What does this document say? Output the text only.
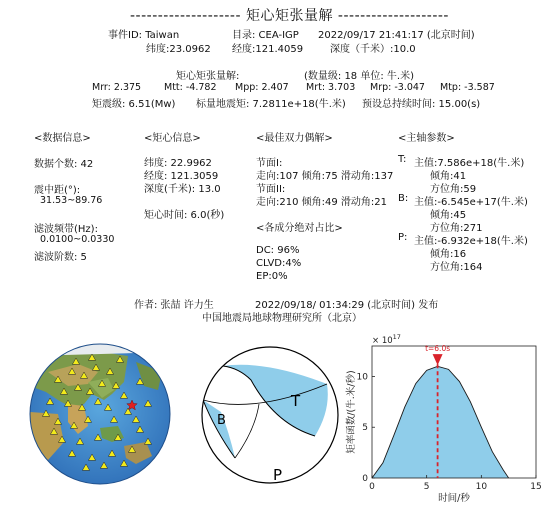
-------------------- 矩心矩张量解 --------------------
事件ID: Taiwan	目录: CEA-IGP 2022/09/17 21:41:17 (北京时间)
纬度:23.0962 经度:121.4059	深度（千米）:10.0
矩心矩张量解:	(数量级: 18 单位: 牛.米)
Mrr: 2.375 Mtt: -4.782 Mpp: 2.407 Mrt: 3.703 Mrp: -3.047 Mtp: -3.587
矩震级: 6.51(Mw) 标量地震矩: 7.2811e+18(牛.米) 预设总持续时间: 15.00(s)
<数据信息>
数据个数: 42
震中距(°):
31.53~89.76
滤波频带(Hz):
0.0100~0.0330
滤波阶数: 5
<矩心信息>
纬度: 22.9962
经度: 121.3059
深度(千米): 13.0
矩心时间: 6.0(秒)
<最佳双力偶解>
节面I:
走向:107 倾角:75 滑动角:137
节面II:
走向:210 倾角:49 滑动角:21
<各成分绝对占比>
DC: 96%
CLVD:4%
EP:0%
<主轴参数>
T: 主值:7.586e+18(牛.米)
倾角:41
方位角:59
B: 主值:-6.545e+17(牛.米)
倾角:45
方位角:271
P: 主值:-6.932e+18(牛.米)
倾角:16
方位角:164
作者: 张喆 许力生	2022/09/18/ 01:34:29 (北京时间) 发布
中国地震局地球物理研究所（北京）
T
P
B
0	5	10	15
0
5
10
× $10^{17}$
t=6.0s
时间/秒
矩率函数/(牛.米/秒)
